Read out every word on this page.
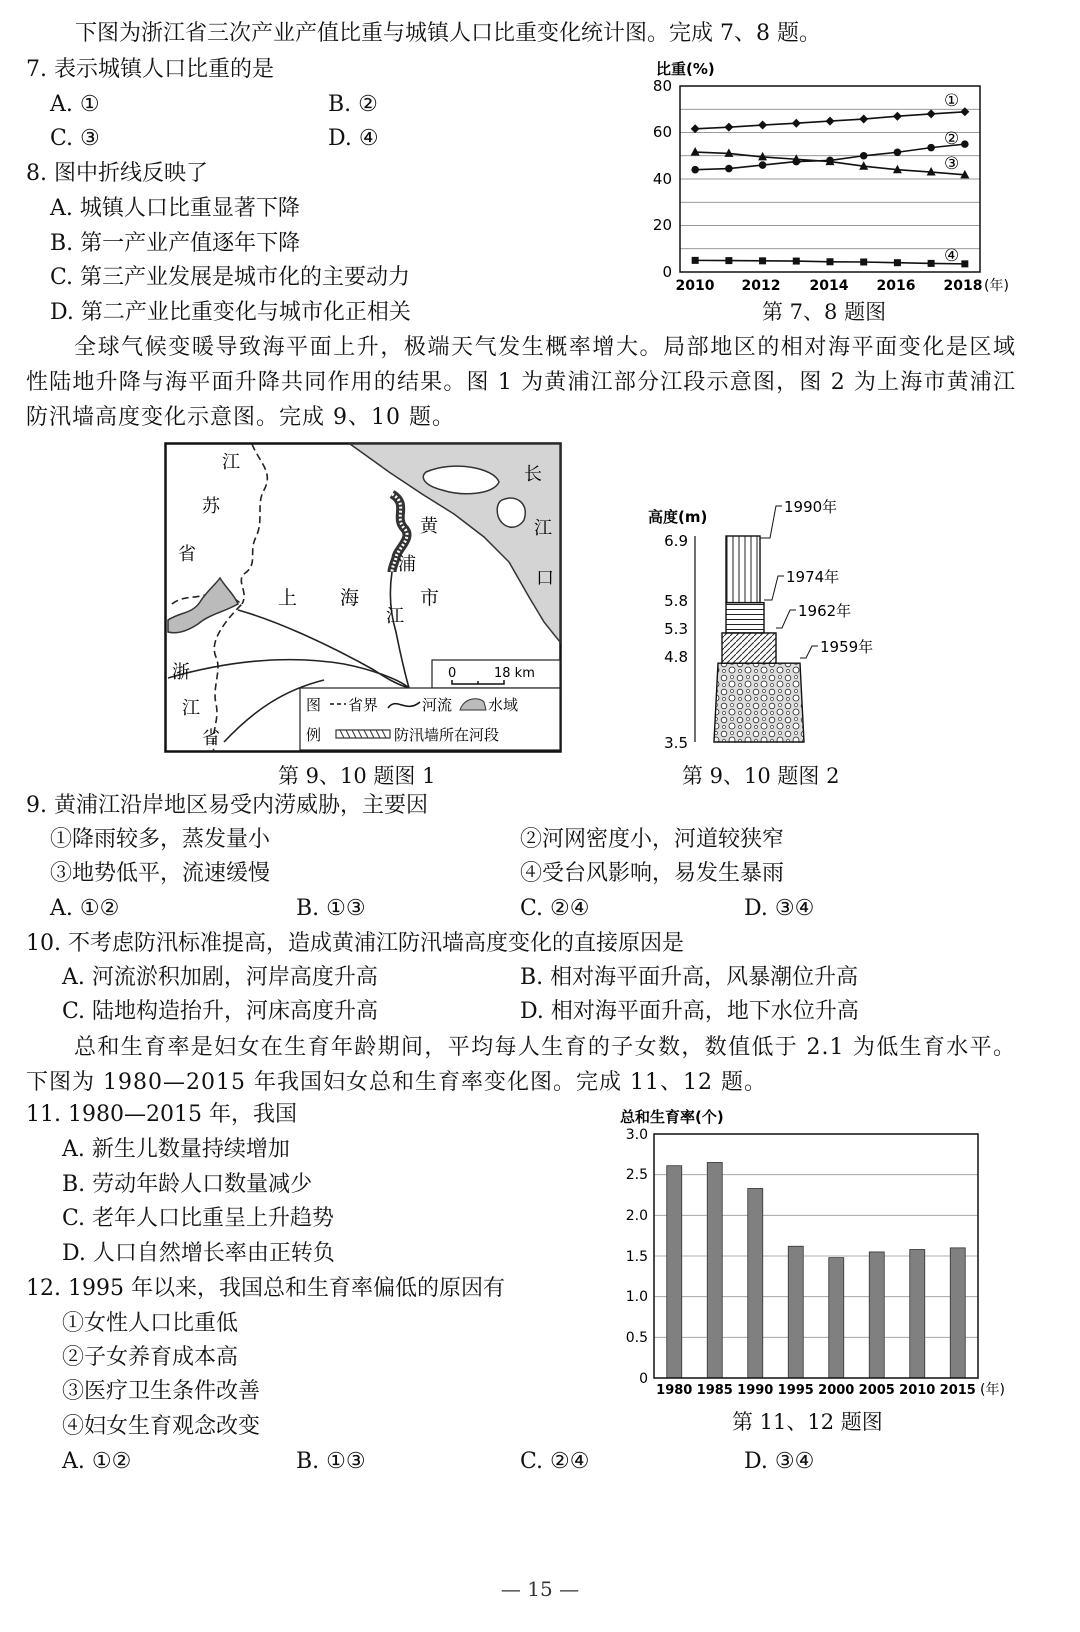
下图为浙江省三次产业产值比重与城镇人口比重变化统计图。完成 7、8 题。
7. 表示城镇人口比重的是
A. ①	B. ②
C. ③	D. ④
8. 图中折线反映了
A. 城镇人口比重显著下降
B. 第一产业产值逐年下降
C. 第三产业发展是城市化的主要动力
D. 第二产业比重变化与城市化正相关
比重(%)
80
60
40
20
0
2010 2012 2014 2016 2018 (年)
①
②
③
④
第 7、8 题图
全球气候变暖导致海平面上升，极端天气发生概率增大。局部地区的相对海平面变化是区域性陆地升降与海平面升降共同作用的结果。图 1 为黄浦江部分江段示意图，图 2 为上海市黄浦江防汛墙高度变化示意图。完成 9、10 题。
江
苏
省
浙
江
省
上 海	市
黄
浦
江
长
江
口
0	18 km
图
例
省界	河流 水域
防汛墙所在河段
第 9、10 题图 1
高度(m)
6.9
5.8
5.3
4.8
3.5
1990年
1974年
1962年
1959年
第 9、10 题图 2
9. 黄浦江沿岸地区易受内涝威胁，主要因
①降雨较多，蒸发量小	②河网密度小，河道较狭窄
③地势低平，流速缓慢	④受台风影响，易发生暴雨
A. ①②	B. ①③	C. ②④	D. ③④
10. 不考虑防汛标准提高，造成黄浦江防汛墙高度变化的直接原因是
A. 河流淤积加剧，河岸高度升高	B. 相对海平面升高，风暴潮位升高
C. 陆地构造抬升，河床高度升高	D. 相对海平面升高，地下水位升高
总和生育率是妇女在生育年龄期间，平均每人生育的子女数，数值低于 2.1 为低生育水平。下图为 1980—2015 年我国妇女总和生育率变化图。完成 11、12 题。
11. 1980—2015 年，我国
A. 新生儿数量持续增加
B. 劳动年龄人口数量减少
C. 老年人口比重呈上升趋势
D. 人口自然增长率由正转负
12. 1995 年以来，我国总和生育率偏低的原因有
①女性人口比重低
②子女养育成本高
③医疗卫生条件改善
④妇女生育观念改变
A. ①②	B. ①③	C. ②④	D. ③④
总和生育率(个)
3.0
2.5
2.0
1.5
1.0
0.5
0
1980 1985 1990 1995 2000 2005 2010 2015 (年)
第 11、12 题图
— 15 —
